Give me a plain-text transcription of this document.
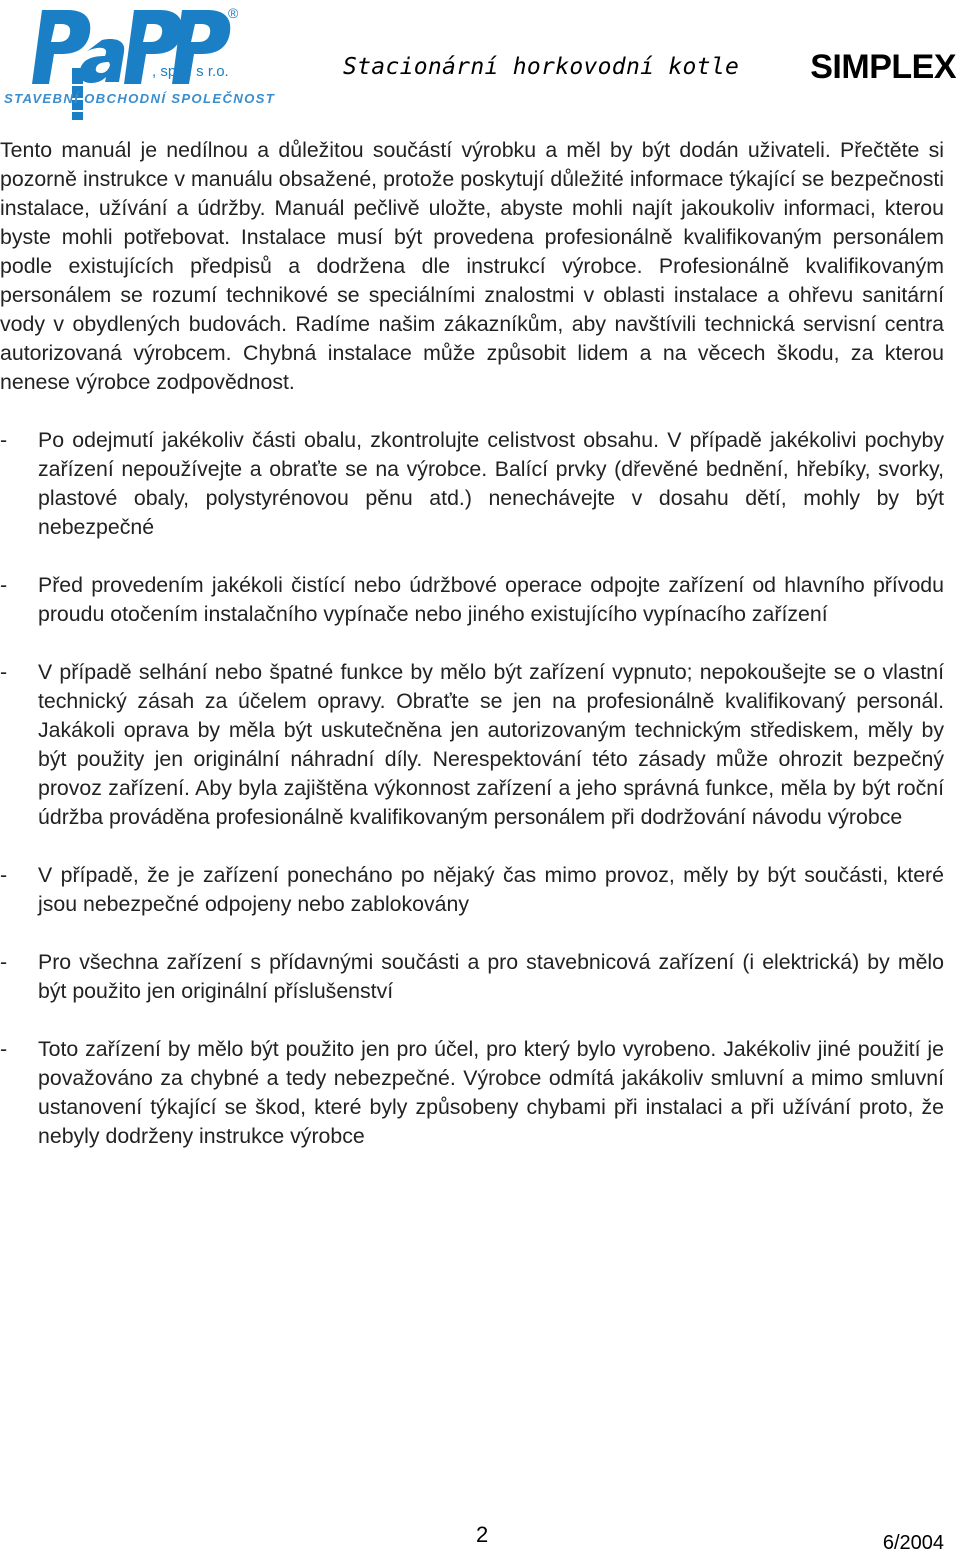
®
, spol. s r.o.
STAVEBNÍ OBCHODNÍ SPOLEČNOST
Stacionární horkovodní kotle SIMPLEX

Tento manuál je nedílnou a důležitou součástí výrobku a měl by být dodán uživateli. Přečtěte si pozorně instrukce v manuálu obsažené, protože poskytují důležité informace týkající se bezpečnosti instalace, užívání a údržby. Manuál pečlivě uložte, abyste mohli najít jakoukoliv informaci, kterou byste mohli potřebovat. Instalace musí být provedena profesionálně kvalifikovaným personálem podle existujících předpisů a dodržena dle instrukcí výrobce. Profesionálně kvalifikovaným personálem se rozumí technikové se speciálními znalostmi v oblasti instalace a ohřevu sanitární vody v obydlených budovách. Radíme našim zákazníkům, aby navštívili technická servisní centra autorizovaná výrobcem. Chybná instalace může způsobit lidem a na věcech škodu, za kterou nenese výrobce zodpovědnost.

- Po odejmutí jakékoliv části obalu, zkontrolujte celistvost obsahu. V případě jakékolivi pochyby zařízení nepoužívejte a obraťte se na výrobce. Balící prvky (dřevěné bednění, hřebíky, svorky, plastové obaly, polystyrénovou pěnu atd.) nenechávejte v dosahu dětí, mohly by být nebezpečné
- Před provedením jakékoli čistící nebo údržbové operace odpojte zařízení od hlavního přívodu proudu otočením instalačního vypínače nebo jiného existujícího vypínacího zařízení
- V případě selhání nebo špatné funkce by mělo být zařízení vypnuto; nepokoušejte se o vlastní technický zásah za účelem opravy. Obraťte se jen na profesionálně kvalifikovaný personál. Jakákoli oprava by měla být uskutečněna jen autorizovaným technickým střediskem, měly by být použity jen originální náhradní díly. Nerespektování této zásady může ohrozit bezpečný provoz zařízení. Aby byla zajištěna výkonnost zařízení a jeho správná funkce, měla by být roční údržba prováděna profesionálně kvalifikovaným personálem při dodržování návodu výrobce
- V případě, že je zařízení ponecháno po nějaký čas mimo provoz, měly by být součásti, které jsou nebezpečné odpojeny nebo zablokovány
- Pro všechna zařízení s přídavnými součásti a pro stavebnicová zařízení (i elektrická) by mělo být použito jen originální příslušenství
- Toto zařízení by mělo být použito jen pro účel, pro který bylo vyrobeno. Jakékoliv jiné použití je považováno za chybné a tedy nebezpečné. Výrobce odmítá jakákoliv smluvní a mimo smluvní ustanovení týkající se škod, které byly způsobeny chybami při instalaci a při užívání proto, že nebyly dodrženy instrukce výrobce
2	6/2004
